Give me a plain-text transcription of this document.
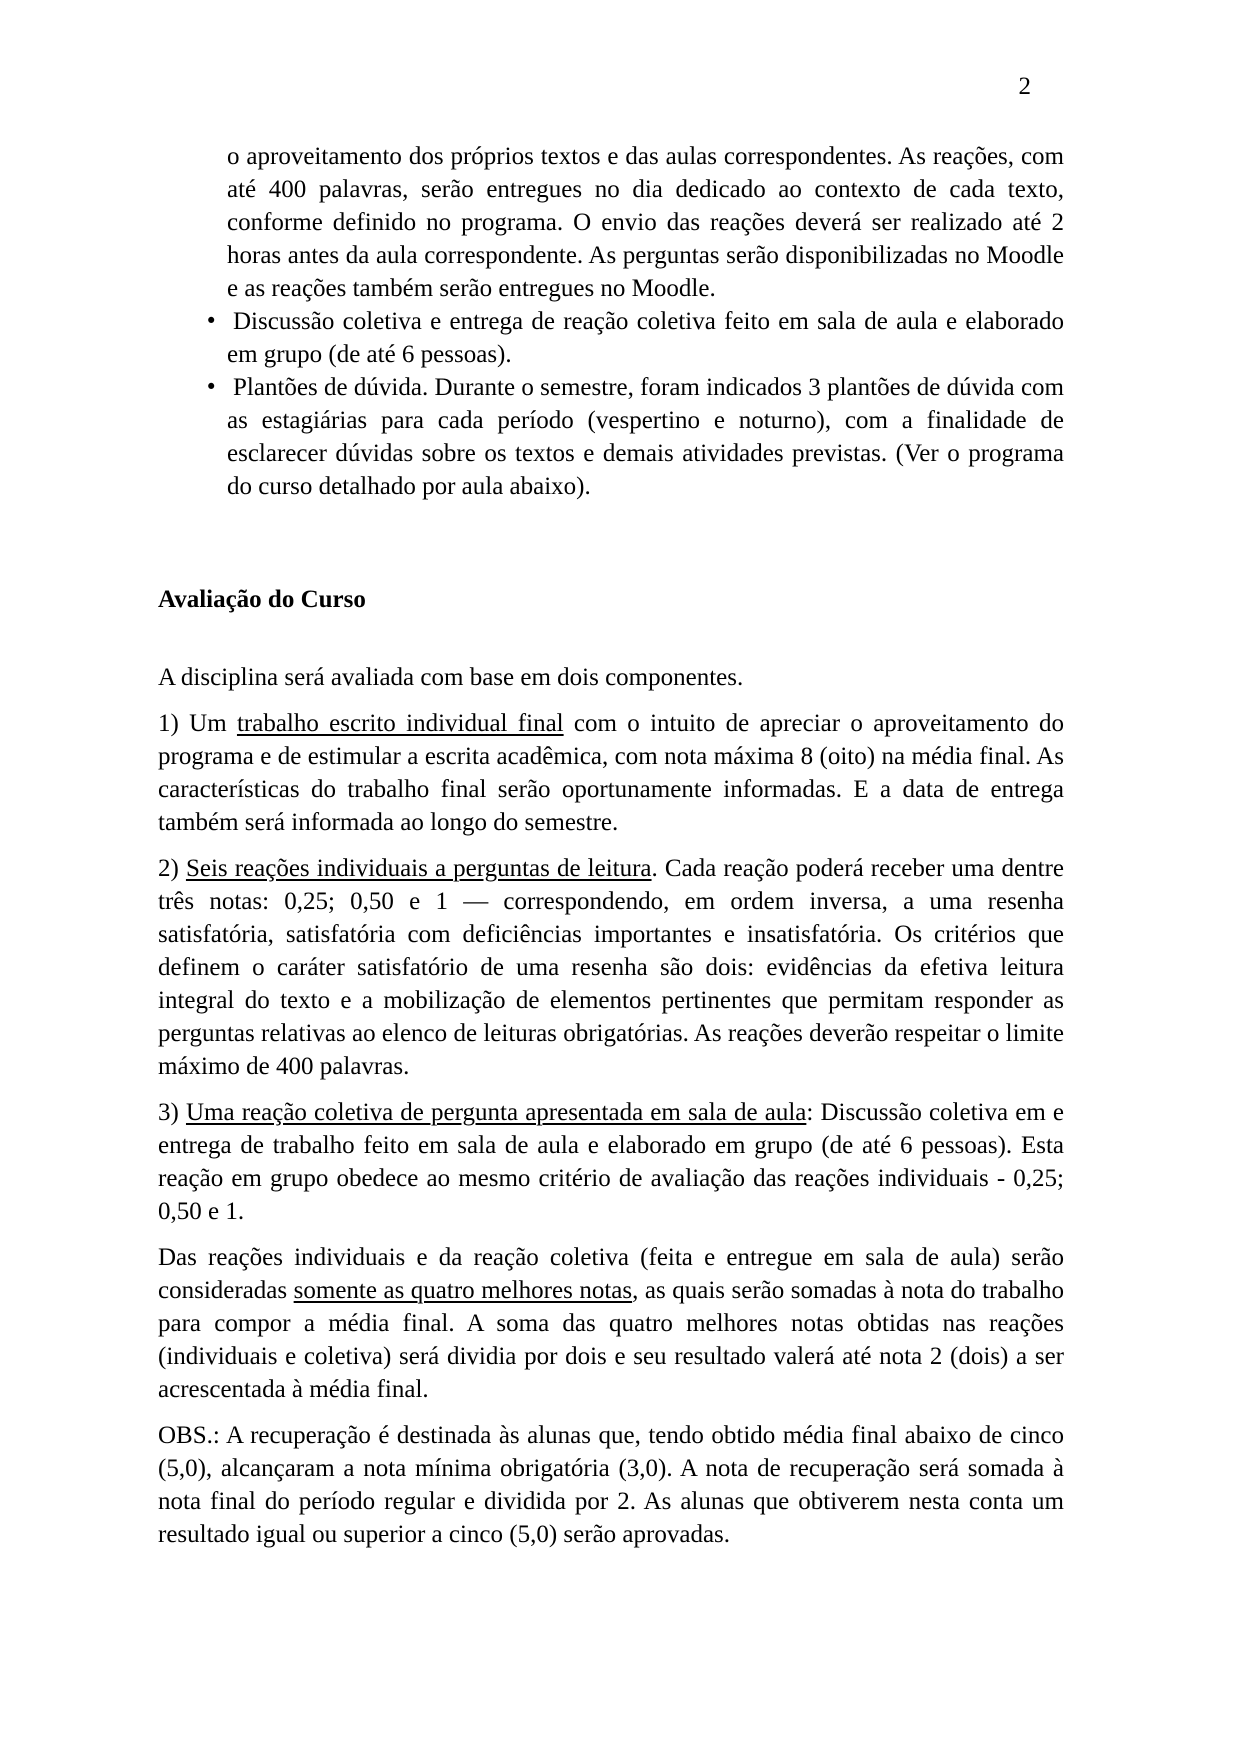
2

o aproveitamento dos próprios textos e das aulas correspondentes. As reações, com até 400 palavras, serão entregues no dia dedicado ao contexto de cada texto, conforme definido no programa. O envio das reações deverá ser realizado até 2 horas antes da aula correspondente. As perguntas serão disponibilizadas no Moodle e as reações também serão entregues no Moodle.

• Discussão coletiva e entrega de reação coletiva feito em sala de aula e elaborado em grupo (de até 6 pessoas).

• Plantões de dúvida. Durante o semestre, foram indicados 3 plantões de dúvida com as estagiárias para cada período (vespertino e noturno), com a finalidade de esclarecer dúvidas sobre os textos e demais atividades previstas. (Ver o programa do curso detalhado por aula abaixo).

Avaliação do Curso

A disciplina será avaliada com base em dois componentes.

1) Um trabalho escrito individual final com o intuito de apreciar o aproveitamento do programa e de estimular a escrita acadêmica, com nota máxima 8 (oito) na média final. As características do trabalho final serão oportunamente informadas. E a data de entrega também será informada ao longo do semestre.

2) Seis reações individuais a perguntas de leitura. Cada reação poderá receber uma dentre três notas: 0,25; 0,50 e 1 — correspondendo, em ordem inversa, a uma resenha satisfatória, satisfatória com deficiências importantes e insatisfatória. Os critérios que definem o caráter satisfatório de uma resenha são dois: evidências da efetiva leitura integral do texto e a mobilização de elementos pertinentes que permitam responder as perguntas relativas ao elenco de leituras obrigatórias. As reações deverão respeitar o limite máximo de 400 palavras.

3) Uma reação coletiva de pergunta apresentada em sala de aula: Discussão coletiva em e entrega de trabalho feito em sala de aula e elaborado em grupo (de até 6 pessoas). Esta reação em grupo obedece ao mesmo critério de avaliação das reações individuais - 0,25; 0,50 e 1.

Das reações individuais e da reação coletiva (feita e entregue em sala de aula) serão consideradas somente as quatro melhores notas, as quais serão somadas à nota do trabalho para compor a média final. A soma das quatro melhores notas obtidas nas reações (individuais e coletiva) será dividia por dois e seu resultado valerá até nota 2 (dois) a ser acrescentada à média final.

OBS.: A recuperação é destinada às alunas que, tendo obtido média final abaixo de cinco (5,0), alcançaram a nota mínima obrigatória (3,0). A nota de recuperação será somada à nota final do período regular e dividida por 2. As alunas que obtiverem nesta conta um resultado igual ou superior a cinco (5,0) serão aprovadas.
